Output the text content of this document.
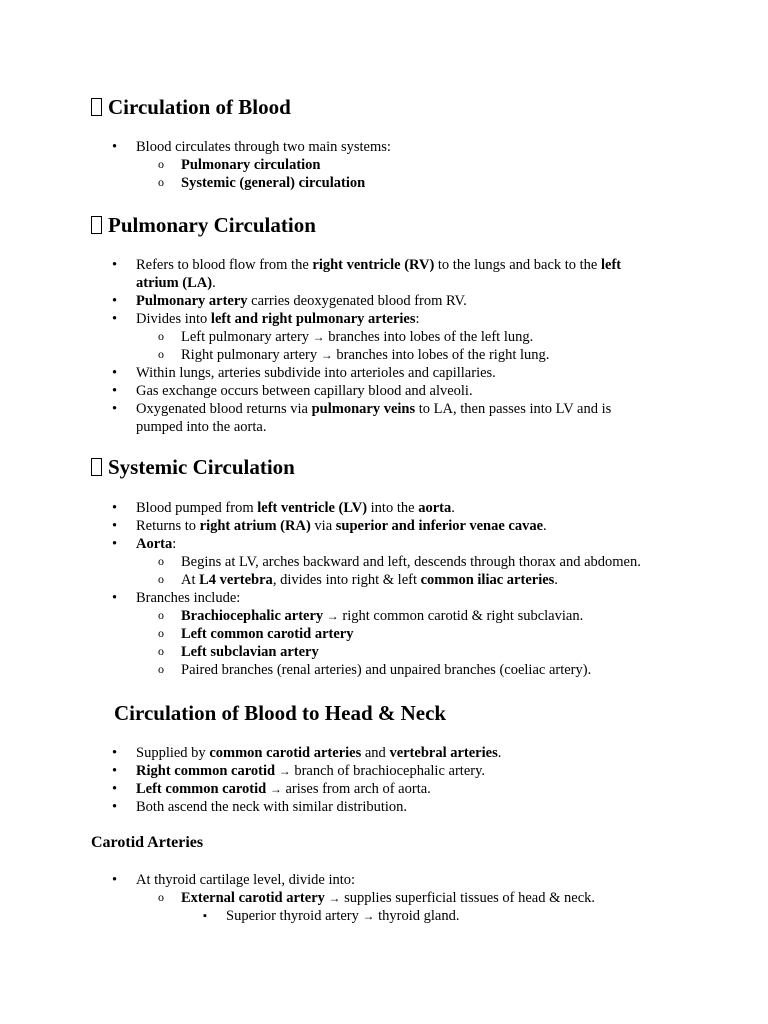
Circulation of Blood
• Blood circulates through two main systems:
o Pulmonary circulation
o Systemic (general) circulation
Pulmonary Circulation
• Refers to blood flow from the right ventricle (RV) to the lungs and back to the left atrium (LA).
• Pulmonary artery carries deoxygenated blood from RV.
• Divides into left and right pulmonary arteries:
o Left pulmonary artery → branches into lobes of the left lung.
o Right pulmonary artery → branches into lobes of the right lung.
• Within lungs, arteries subdivide into arterioles and capillaries.
• Gas exchange occurs between capillary blood and alveoli.
• Oxygenated blood returns via pulmonary veins to LA, then passes into LV and is pumped into the aorta.
Systemic Circulation
• Blood pumped from left ventricle (LV) into the aorta.
• Returns to right atrium (RA) via superior and inferior venae cavae.
• Aorta:
o Begins at LV, arches backward and left, descends through thorax and abdomen.
o At L4 vertebra, divides into right & left common iliac arteries.
• Branches include:
o Brachiocephalic artery → right common carotid & right subclavian.
o Left common carotid artery
o Left subclavian artery
o Paired branches (renal arteries) and unpaired branches (coeliac artery).
Circulation of Blood to Head & Neck
• Supplied by common carotid arteries and vertebral arteries.
• Right common carotid → branch of brachiocephalic artery.
• Left common carotid → arises from arch of aorta.
• Both ascend the neck with similar distribution.
Carotid Arteries
• At thyroid cartilage level, divide into:
o External carotid artery → supplies superficial tissues of head & neck.
▪ Superior thyroid artery → thyroid gland.
